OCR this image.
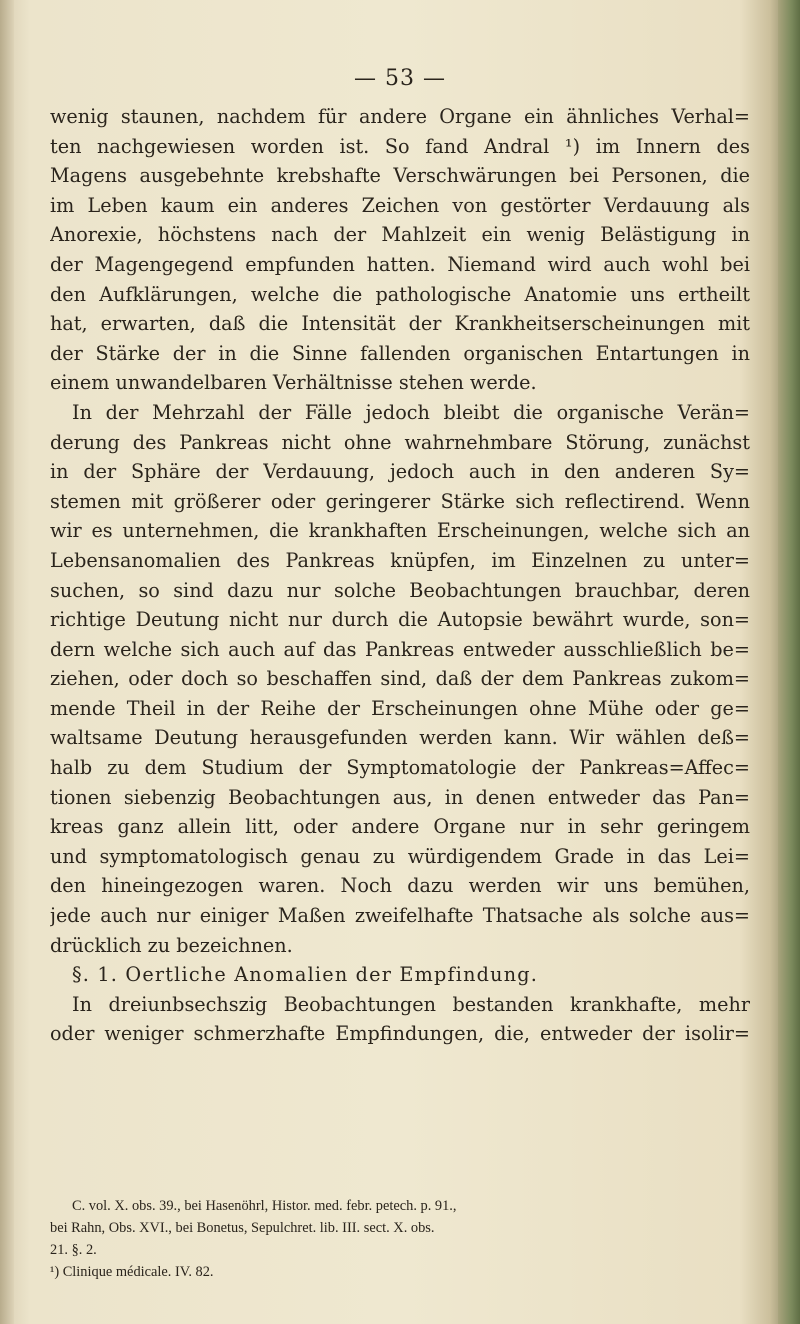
— 53 —
wenig staunen, nachdem für andere Organe ein ähnliches Verhal=
ten nachgewiesen worden ist. So fand Andral ¹) im Innern des
Magens ausgebehnte krebshafte Verschwärungen bei Personen, die
im Leben kaum ein anderes Zeichen von gestörter Verdauung als
Anorexie, höchstens nach der Mahlzeit ein wenig Belästigung in
der Magengegend empfunden hatten. Niemand wird auch wohl bei
den Aufklärungen, welche die pathologische Anatomie uns ertheilt
hat, erwarten, daß die Intensität der Krankheitserscheinungen mit
der Stärke der in die Sinne fallenden organischen Entartungen in
einem unwandelbaren Verhältnisse stehen werde.
In der Mehrzahl der Fälle jedoch bleibt die organische Verän=
derung des Pankreas nicht ohne wahrnehmbare Störung, zunächst
in der Sphäre der Verdauung, jedoch auch in den anderen Sy=
stemen mit größerer oder geringerer Stärke sich reflectirend. Wenn
wir es unternehmen, die krankhaften Erscheinungen, welche sich an
Lebensanomalien des Pankreas knüpfen, im Einzelnen zu unter=
suchen, so sind dazu nur solche Beobachtungen brauchbar, deren
richtige Deutung nicht nur durch die Autopsie bewährt wurde, son=
dern welche sich auch auf das Pankreas entweder ausschließlich be=
ziehen, oder doch so beschaffen sind, daß der dem Pankreas zukom=
mende Theil in der Reihe der Erscheinungen ohne Mühe oder ge=
waltsame Deutung herausgefunden werden kann. Wir wählen deß=
halb zu dem Studium der Symptomatologie der Pankreas=Affec=
tionen siebenzig Beobachtungen aus, in denen entweder das Pan=
kreas ganz allein litt, oder andere Organe nur in sehr geringem
und symptomatologisch genau zu würdigendem Grade in das Lei=
den hineingezogen waren. Noch dazu werden wir uns bemühen,
jede auch nur einiger Maßen zweifelhafte Thatsache als solche aus=
drücklich zu bezeichnen.
§. 1. Oertliche Anomalien der Empfindung.
In dreiunbsechszig Beobachtungen bestanden krankhafte, mehr
oder weniger schmerzhafte Empfindungen, die, entweder der isolir=
C. vol. X. obs. 39., bei Hasenöhrl, Histor. med. febr. petech. p. 91.,
bei Rahn, Obs. XVI., bei Bonetus, Sepulchret. lib. III. sect. X. obs.
21. §. 2.
¹) Clinique médicale. IV. 82.
